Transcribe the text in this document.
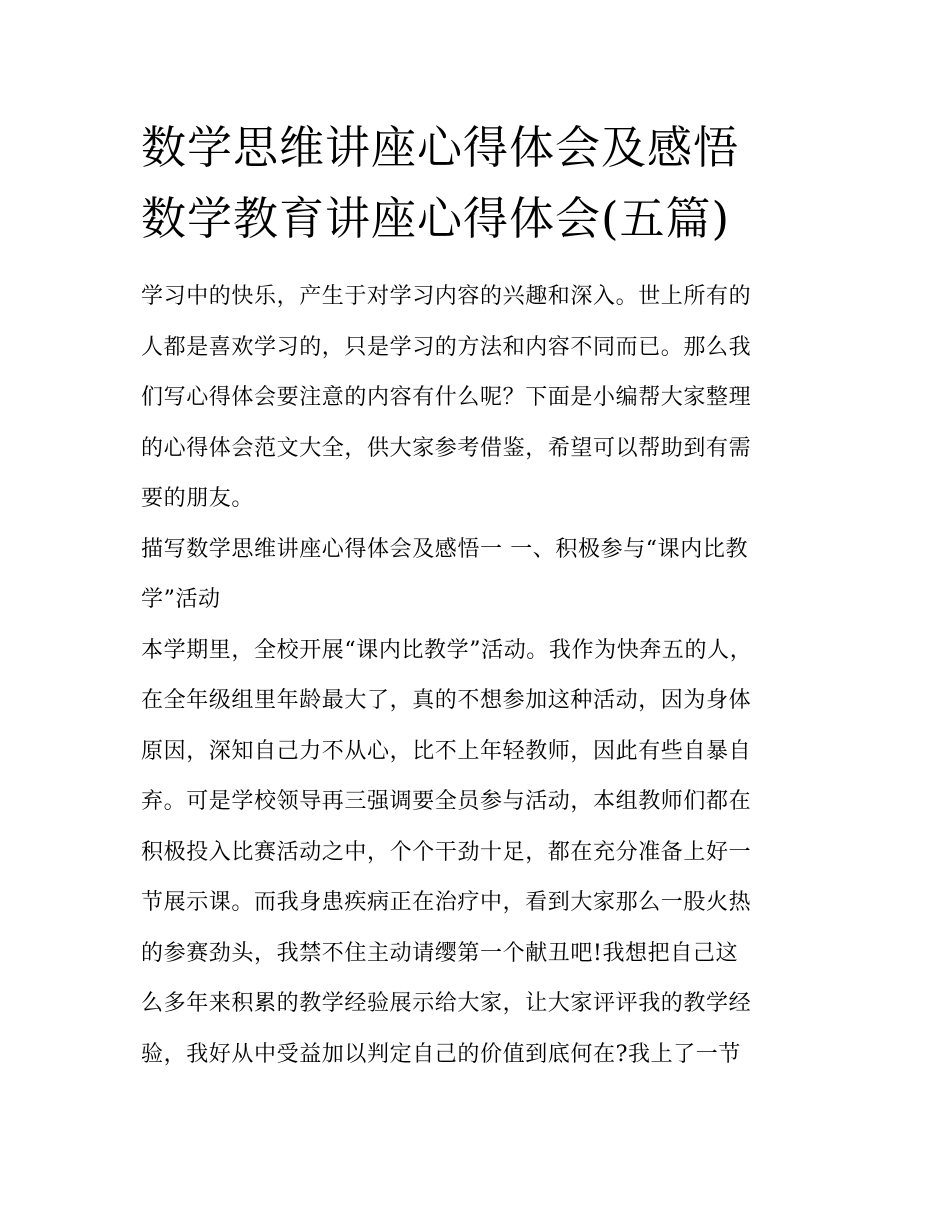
数学思维讲座心得体会及感悟
数学教育讲座心得体会(五篇)

学习中的快乐，产生于对学习内容的兴趣和深入。世上所有的
人都是喜欢学习的，只是学习的方法和内容不同而已。那么我
们写心得体会要注意的内容有什么呢？下面是小编帮大家整理
的心得体会范文大全，供大家参考借鉴，希望可以帮助到有需
要的朋友。

描写数学思维讲座心得体会及感悟一 一、积极参与“课内比教
学”活动

本学期里，全校开展“课内比教学”活动。我作为快奔五的人，
在全年级组里年龄最大了，真的不想参加这种活动，因为身体
原因，深知自己力不从心，比不上年轻教师，因此有些自暴自
弃。可是学校领导再三强调要全员参与活动，本组教师们都在
积极投入比赛活动之中，个个干劲十足，都在充分准备上好一
节展示课。而我身患疾病正在治疗中，看到大家那么一股火热
的参赛劲头，我禁不住主动请缨第一个献丑吧!我想把自己这
么多年来积累的教学经验展示给大家，让大家评评我的教学经
验，我好从中受益加以判定自己的价值到底何在?我上了一节
